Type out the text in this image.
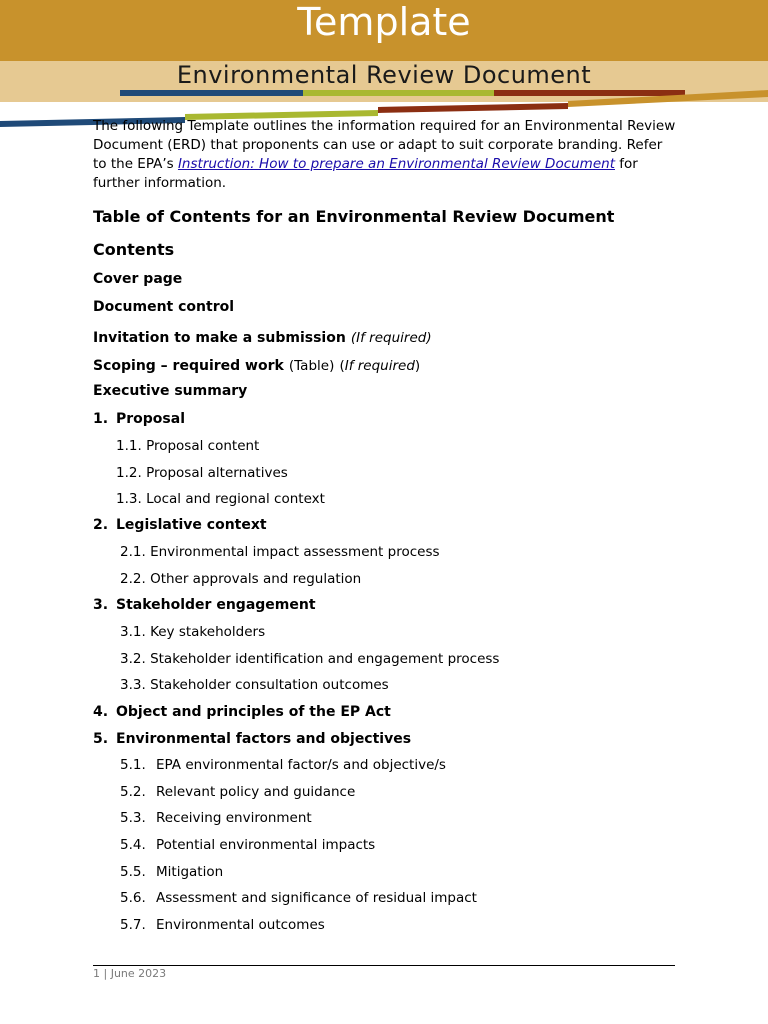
Template
Environmental Review Document
The following Template outlines the information required for an Environmental Review Document (ERD) that proponents can use or adapt to suit corporate branding. Refer to the EPA’s Instruction: How to prepare an Environmental Review Document for further information.
Table of Contents for an Environmental Review Document
Contents
Cover page
Document control
Invitation to make a submission (If required)
Scoping – required work (Table) (If required)
Executive summary
1. Proposal
1.1. Proposal content
1.2. Proposal alternatives
1.3. Local and regional context
2. Legislative context
2.1. Environmental impact assessment process
2.2. Other approvals and regulation
3. Stakeholder engagement
3.1. Key stakeholders
3.2. Stakeholder identification and engagement process
3.3. Stakeholder consultation outcomes
4. Object and principles of the EP Act
5. Environmental factors and objectives
5.1. EPA environmental factor/s and objective/s
5.2. Relevant policy and guidance
5.3. Receiving environment
5.4. Potential environmental impacts
5.5. Mitigation
5.6. Assessment and significance of residual impact
5.7. Environmental outcomes
1 | June 2023
